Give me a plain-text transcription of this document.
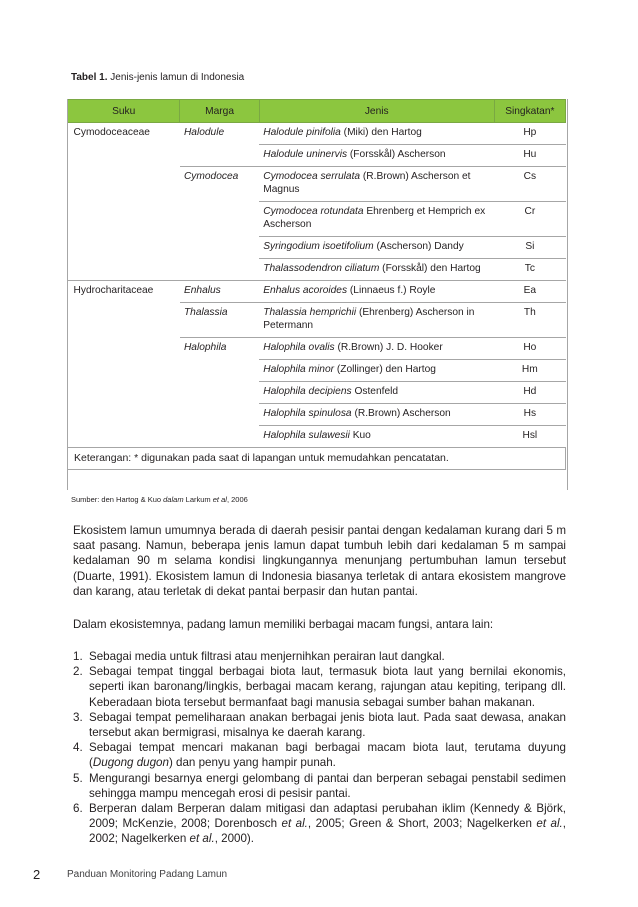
Tabel 1. Jenis-jenis lamun di Indonesia
Suku	Marga	Jenis	Singkatan*
Cymodoceaceae	Halodule	Halodule pinifolia (Miki) den Hartog	Hp
		Halodule uninervis (Forsskål) Ascherson	Hu
	Cymodocea	Cymodocea serrulata (R.Brown) Ascherson et Magnus	Cs
		Cymodocea rotundata Ehrenberg et Hemprich ex Ascherson	Cr
		Syringodium isoetifolium (Ascherson) Dandy	Si
		Thalassodendron ciliatum (Forsskål) den Hartog	Tc
Hydrocharitaceae	Enhalus	Enhalus acoroides (Linnaeus f.) Royle	Ea
	Thalassia	Thalassia hemprichii (Ehrenberg) Ascherson in Petermann	Th
	Halophila	Halophila ovalis (R.Brown) J. D. Hooker	Ho
		Halophila minor (Zollinger) den Hartog	Hm
		Halophila decipiens Ostenfeld	Hd
		Halophila spinulosa (R.Brown) Ascherson	Hs
		Halophila sulawesii Kuo	Hsl
Keterangan: * digunakan pada saat di lapangan untuk memudahkan pencatatan.			
Sumber: den Hartog & Kuo dalam Larkum et al, 2006
Ekosistem lamun umumnya berada di daerah pesisir pantai dengan kedalaman kurang dari 5 m saat pasang. Namun, beberapa jenis lamun dapat tumbuh lebih dari kedalaman 5 m sampai kedalaman 90 m selama kondisi lingkungannya menunjang pertumbuhan lamun tersebut (Duarte, 1991). Ekosistem lamun di Indonesia biasanya terletak di antara ekosistem mangrove dan karang, atau terletak di dekat pantai berpasir dan hutan pantai.
Dalam ekosistemnya, padang lamun memiliki berbagai macam fungsi, antara lain:
1. Sebagai media untuk filtrasi atau menjernihkan perairan laut dangkal.
2. Sebagai tempat tinggal berbagai biota laut, termasuk biota laut yang bernilai ekonomis, seperti ikan baronang/lingkis, berbagai macam kerang, rajungan atau kepiting, teripang dll. Keberadaan biota tersebut bermanfaat bagi manusia sebagai sumber bahan makanan.
3. Sebagai tempat pemeliharaan anakan berbagai jenis biota laut. Pada saat dewasa, anakan tersebut akan bermigrasi, misalnya ke daerah karang.
4. Sebagai tempat mencari makanan bagi berbagai macam biota laut, terutama duyung (Dugong dugon) dan penyu yang hampir punah.
5. Mengurangi besarnya energi gelombang di pantai dan berperan sebagai penstabil sedimen sehingga mampu mencegah erosi di pesisir pantai.
6. Berperan dalam Berperan dalam mitigasi dan adaptasi perubahan iklim (Kennedy & Björk, 2009; McKenzie, 2008; Dorenbosch et al., 2005; Green & Short, 2003; Nagelkerken et al., 2002; Nagelkerken et al., 2000).
2	Panduan Monitoring Padang Lamun
